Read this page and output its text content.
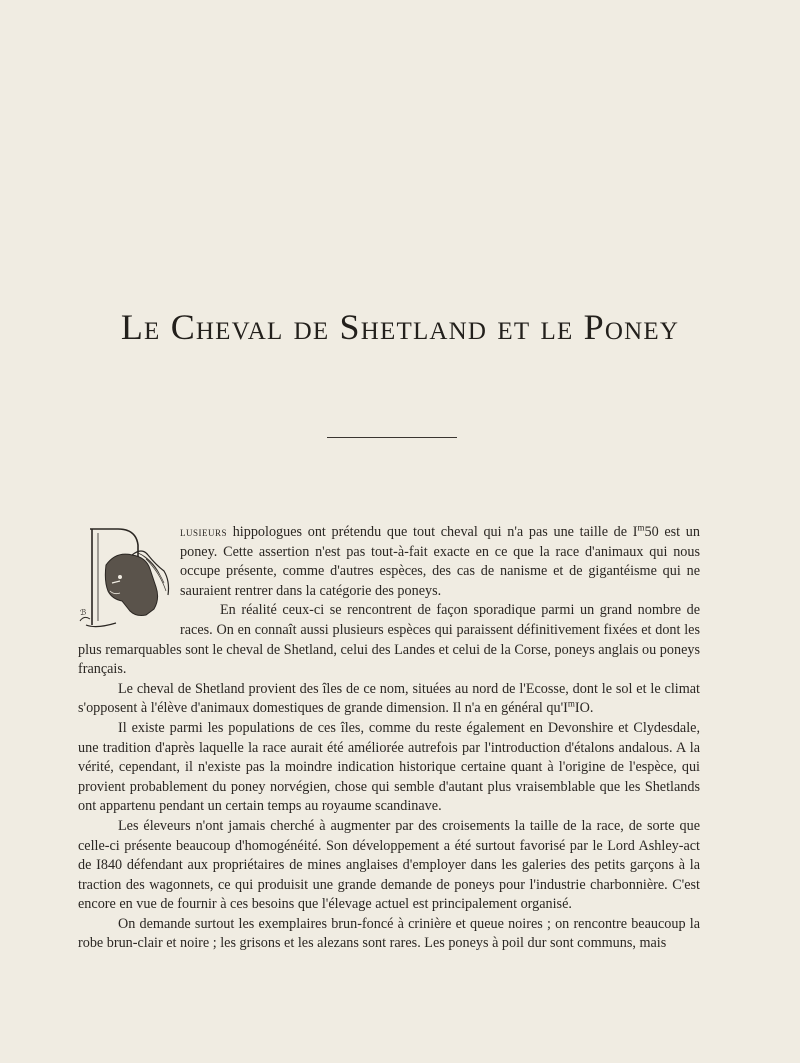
Le Cheval de Shetland et le Poney

ℬ
lusieurs hippologues ont prétendu que tout cheval qui n'a pas une taille de $I^m50$ est un poney. Cette assertion n'est pas tout-à-fait exacte en ce que la race d'animaux qui nous occupe présente, comme d'autres espèces, des cas de nanisme et de gigantéisme qui ne sauraient rentrer dans la catégorie des poneys.

En réalité ceux-ci se rencontrent de façon sporadique parmi un grand nombre de races. On en connaît aussi plusieurs espèces qui paraissent définitivement fixées et dont les plus remarquables sont le cheval de Shetland, celui des Landes et celui de la Corse, poneys anglais ou poneys français.

Le cheval de Shetland provient des îles de ce nom, situées au nord de l'Ecosse, dont le sol et le climat s'opposent à l'élève d'animaux domestiques de grande dimension. Il n'a en général $qu'I^mIO$.

Il existe parmi les populations de ces îles, comme du reste également en Devonshire et Clydesdale, une tradition d'après laquelle la race aurait été améliorée autrefois par l'introduction d'étalons andalous. A la vérité, cependant, il n'existe pas la moindre indication historique certaine quant à l'origine de l'espèce, qui provient probablement du poney norvégien, chose qui semble d'autant plus vraisemblable que les Shetlands ont appartenu pendant un certain temps au royaume scandinave.

Les éleveurs n'ont jamais cherché à augmenter par des croisements la taille de la race, de sorte que celle-ci présente beaucoup d'homogénéité. Son développement a été surtout favorisé par le Lord Ashley-act de I840 défendant aux propriétaires de mines anglaises d'employer dans les galeries des petits garçons à la traction des wagonnets, ce qui produisit une grande demande de poneys pour l'industrie charbonnière. C'est encore en vue de fournir à ces besoins que l'élevage actuel est principalement organisé.

On demande surtout les exemplaires brun-foncé à crinière et queue noires ; on rencontre beaucoup la robe brun-clair et noire ; les grisons et les alezans sont rares. Les poneys à poil dur sont communs, mais
